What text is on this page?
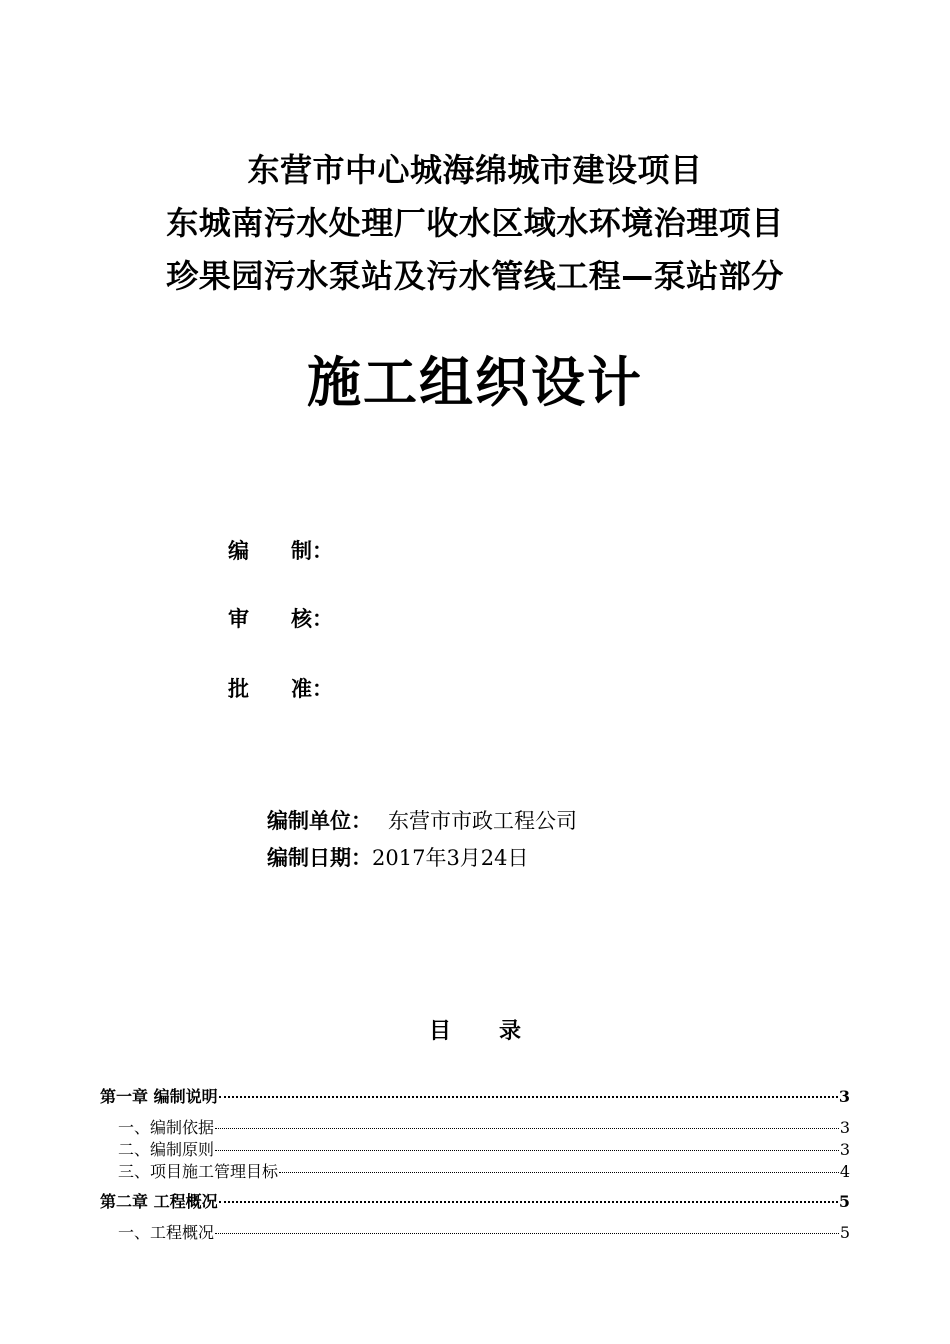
东营市中心城海绵城市建设项目
东城南污水处理厂收水区域水环境治理项目
珍果园污水泵站及污水管线工程—泵站部分
施工组织设计
编　　制：
审　　核：
批　　准：
编制单位： 东营市市政工程公司
编制日期：2017年3月24日
目 录
第一章 编制说明	3
一、编制依据	3
二、编制原则	3
三、项目施工管理目标	4
第二章 工程概况	5
一、工程概况	5
